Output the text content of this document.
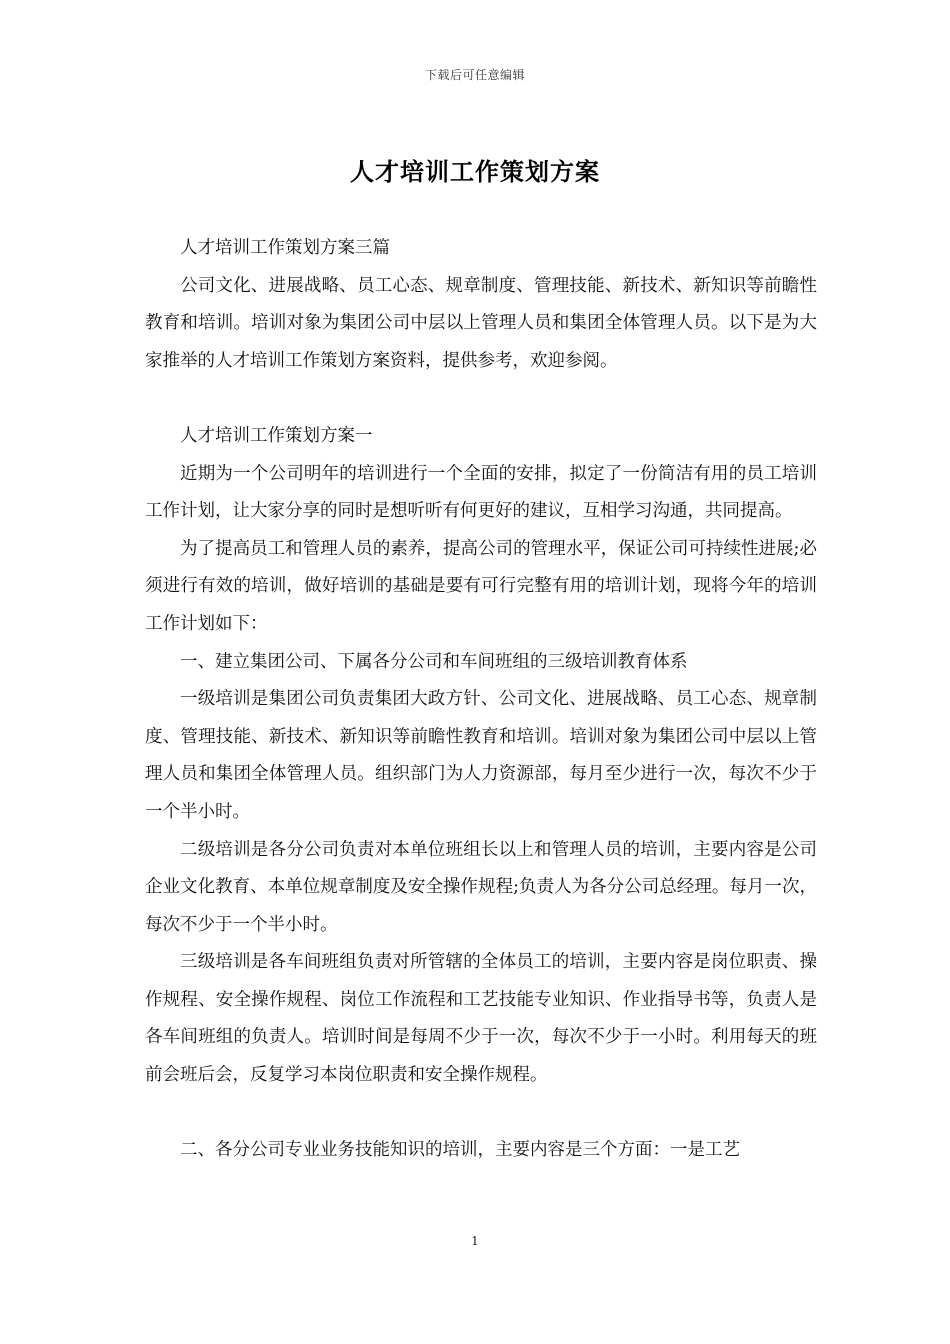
下载后可任意编辑
人才培训工作策划方案

人才培训工作策划方案三篇

公司文化、进展战略、员工心态、规章制度、管理技能、新技术、新知识等前瞻性教育和培训。培训对象为集团公司中层以上管理人员和集团全体管理人员。以下是为大家推举的人才培训工作策划方案资料，提供参考，欢迎参阅。

人才培训工作策划方案一

近期为一个公司明年的培训进行一个全面的安排，拟定了一份简洁有用的员工培训工作计划，让大家分享的同时是想听听有何更好的建议，互相学习沟通，共同提高。

为了提高员工和管理人员的素养，提高公司的管理水平，保证公司可持续性进展;必须进行有效的培训，做好培训的基础是要有可行完整有用的培训计划，现将今年的培训工作计划如下：

一、建立集团公司、下属各分公司和车间班组的三级培训教育体系

一级培训是集团公司负责集团大政方针、公司文化、进展战略、员工心态、规章制度、管理技能、新技术、新知识等前瞻性教育和培训。培训对象为集团公司中层以上管理人员和集团全体管理人员。组织部门为人力资源部，每月至少进行一次，每次不少于一个半小时。

二级培训是各分公司负责对本单位班组长以上和管理人员的培训，主要内容是公司企业文化教育、本单位规章制度及安全操作规程;负责人为各分公司总经理。每月一次，每次不少于一个半小时。

三级培训是各车间班组负责对所管辖的全体员工的培训，主要内容是岗位职责、操作规程、安全操作规程、岗位工作流程和工艺技能专业知识、作业指导书等，负责人是各车间班组的负责人。培训时间是每周不少于一次，每次不少于一小时。利用每天的班前会班后会，反复学习本岗位职责和安全操作规程。

二、各分公司专业业务技能知识的培训，主要内容是三个方面：一是工艺

1
